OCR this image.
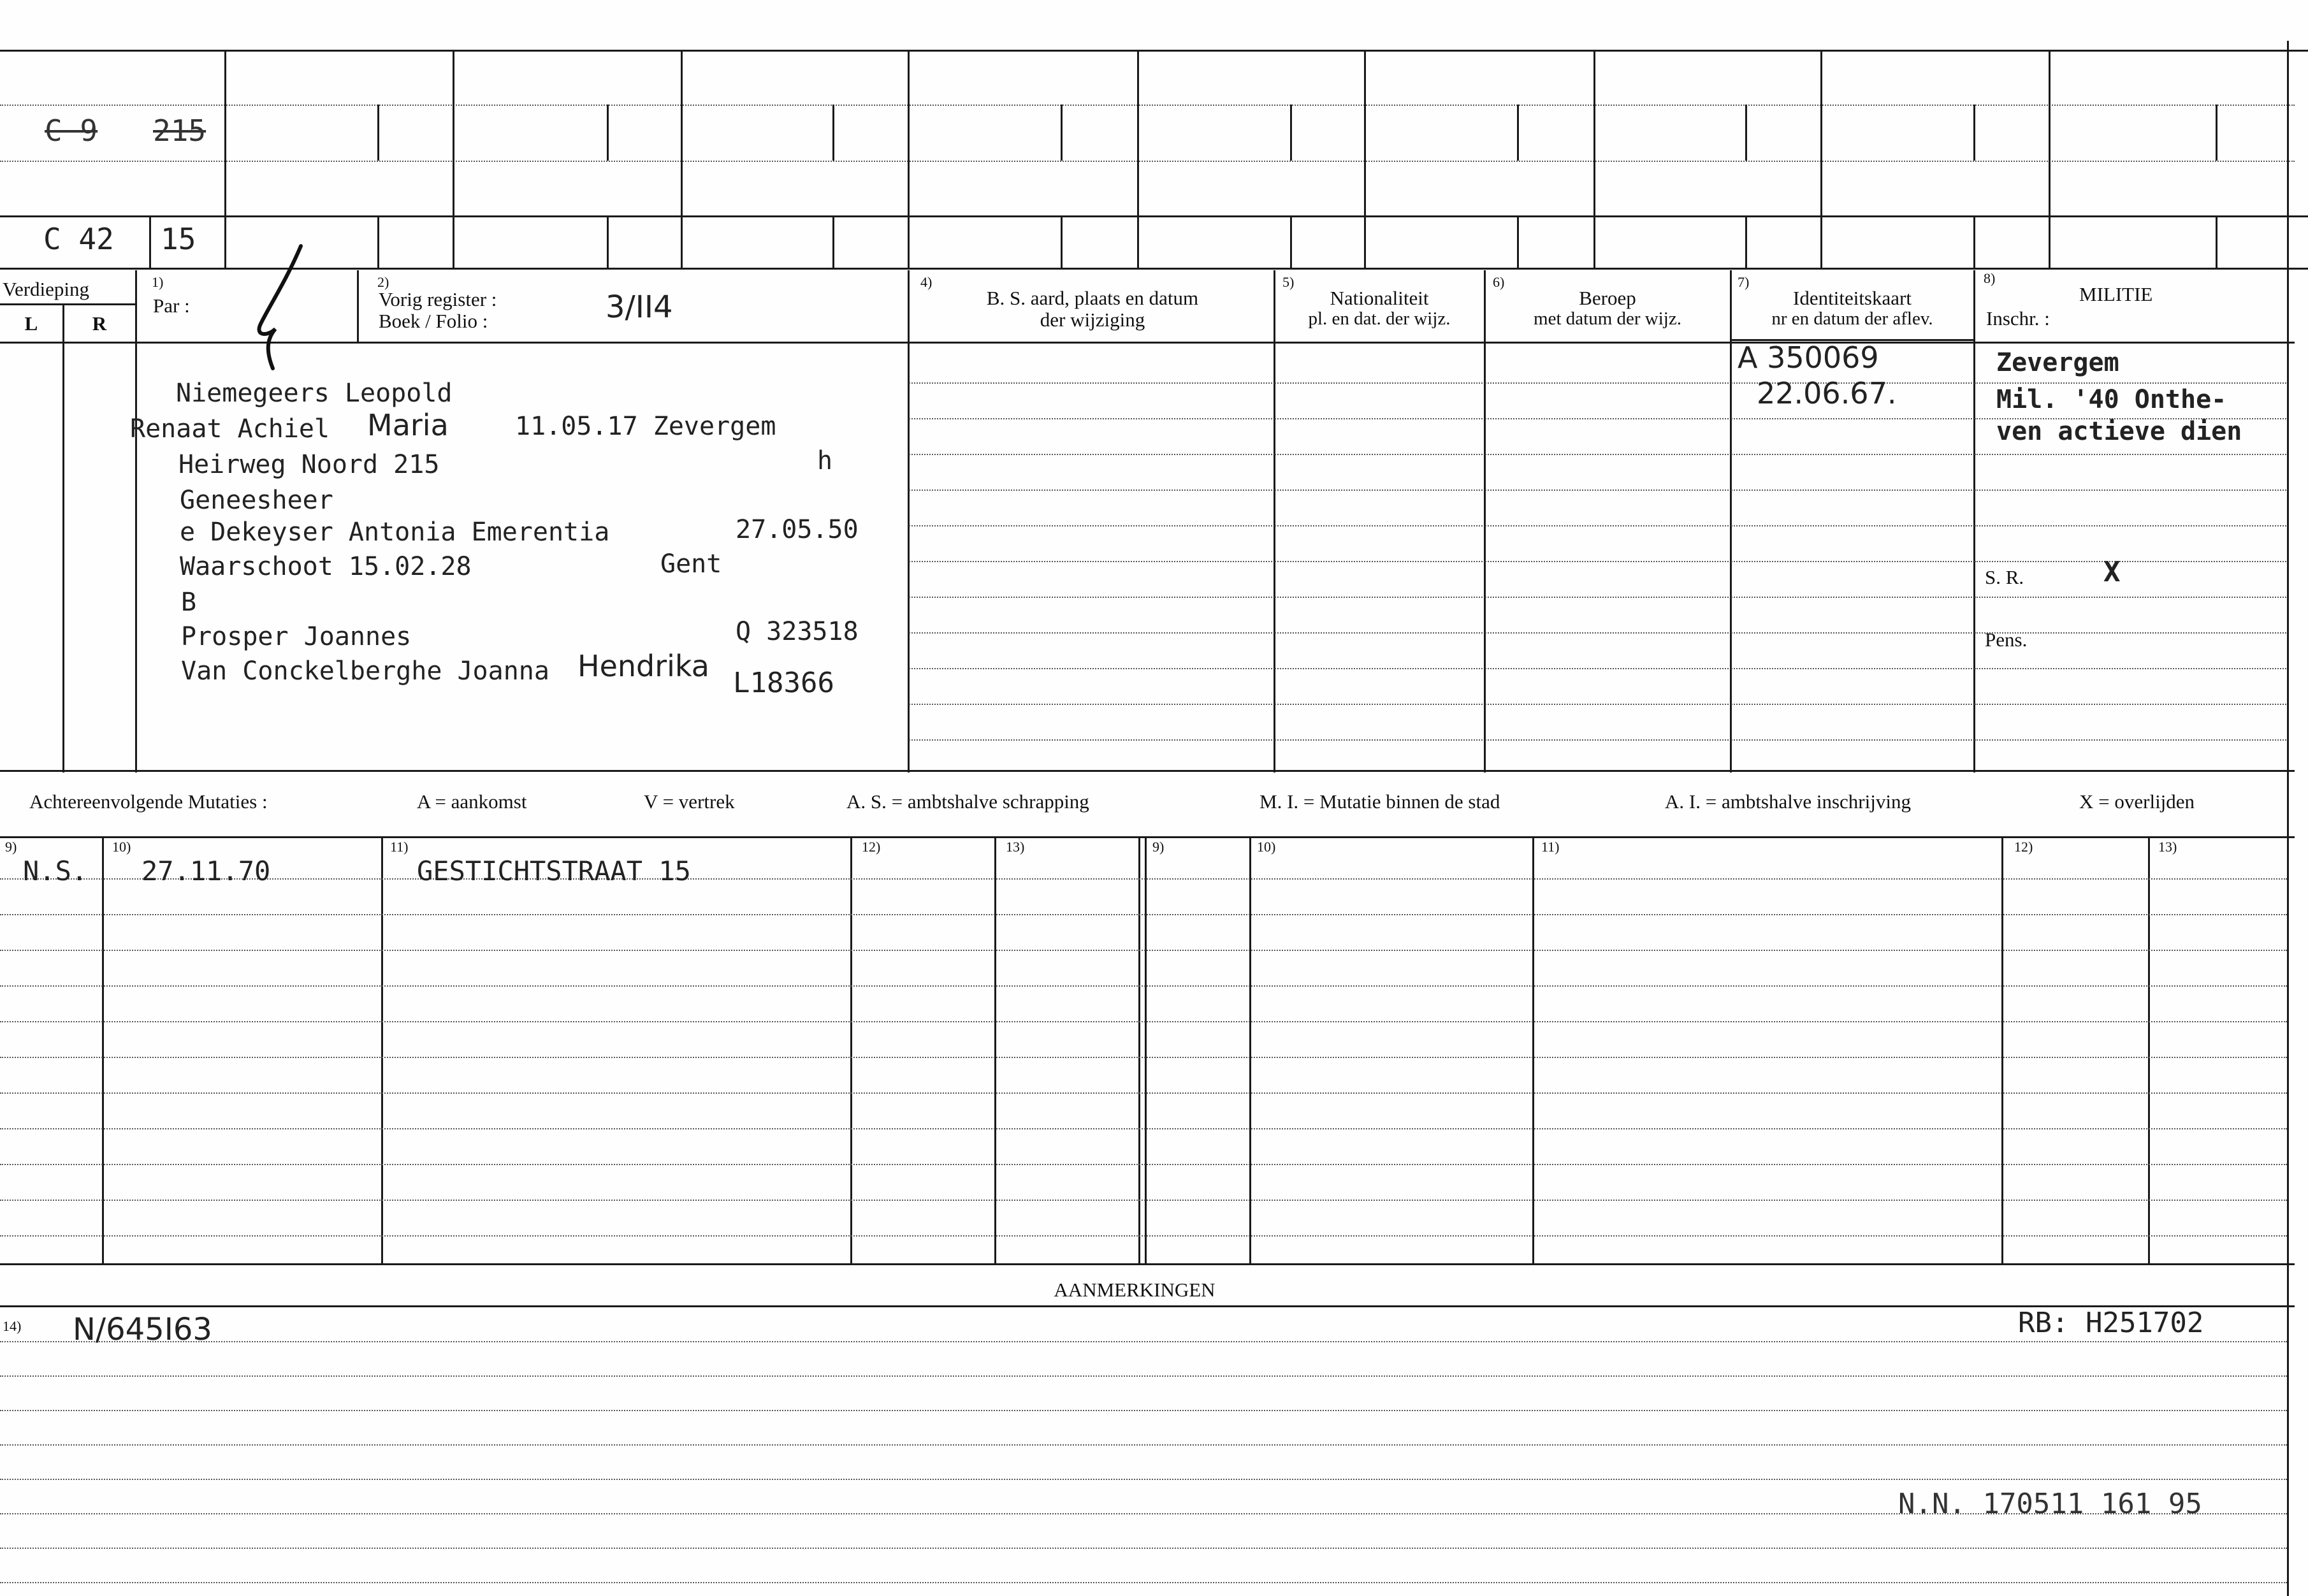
C 9 215
C 42 15
Verdieping
L	R
1)
Par :
2)
Vorig register :
Boek / Folio :	3/II4
4)
B. S. aard, plaats en datum
der wijziging
5)
Nationaliteit
pl. en dat. der wijz.
6)
Beroep
met datum der wijz.
7)
Identiteitskaart
nr en datum der aflev.
8)
MILITIE
Inschr. :
Niemegeers Leopold
Renaat Achiel Maria	11.05.17 Zevergem
Heirweg Noord 215	h
Geneesheer
e Dekeyser Antonia Emerentia	27.05.50
Waarschoot 15.02.28	Gent
B
Prosper Joannes	Q 323518
Van Conckelberghe Joanna Hendrika L18366
A 350069
22.06.67.
Zevergem
Mil. '40 Onthe-
ven actieve dien
S. R.	X
Pens.
Achtereenvolgende Mutaties :	A = aankomst	V = vertrek	A. S. = ambtshalve schrapping	M. I. = Mutatie binnen de stad	A. I. = ambtshalve inschrijving	X = overlijden
9)	10)	11)	12)	13)	9)	10)	11)	12)	13)
N.S. 27.11.70	GESTICHTSTRAAT 15
AANMERKINGEN
14) N/645I63	RB: H251702
N.N. 170511 161 95
